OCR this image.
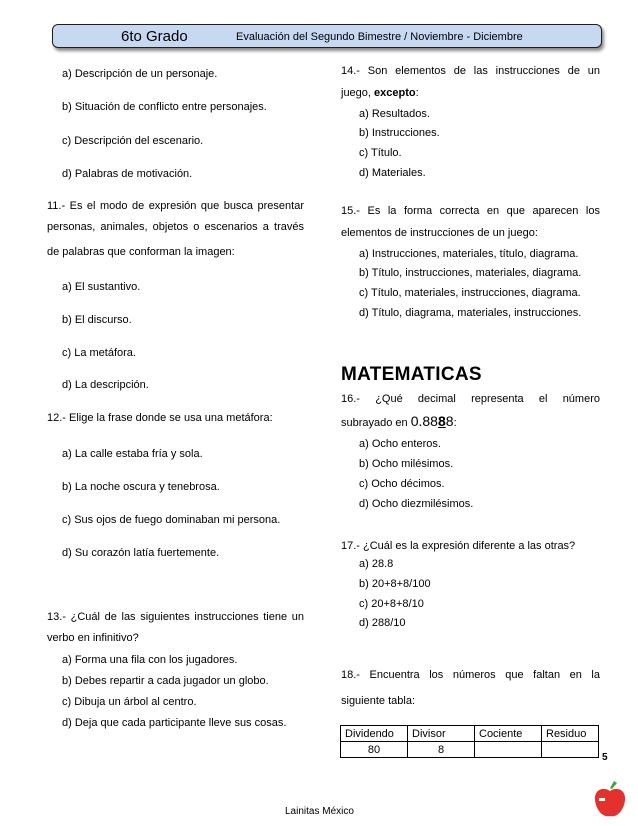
6to Grado	Evaluación del Segundo Bimestre / Noviembre - Diciembre
a) Descripción de un personaje.
b) Situación de conflicto entre personajes.
c) Descripción del escenario.
d) Palabras de motivación.
11.- Es el modo de expresión que busca presentar
personas, animales, objetos o escenarios a través
de palabras que conforman la imagen:
a) El sustantivo.
b) El discurso.
c) La metáfora.
d) La descripción.
12.- Elige la frase donde se usa una metáfora:
a) La calle estaba fría y sola.
b) La noche oscura y tenebrosa.
c) Sus ojos de fuego dominaban mi persona.
d) Su corazón latía fuertemente.
13.- ¿Cuál de las siguientes instrucciones tiene un
verbo en infinitivo?
a) Forma una fila con los jugadores.
b) Debes repartir a cada jugador un globo.
c) Dibuja un árbol al centro.
d) Deja que cada participante lleve sus cosas.
14.- Son elementos de las instrucciones de un
juego, excepto:
a) Resultados.
b) Instrucciones.
c) Título.
d) Materiales.
15.- Es la forma correcta en que aparecen los
elementos de instrucciones de un juego:
a) Instrucciones, materiales, título, diagrama.
b) Título, instrucciones, materiales, diagrama.
c) Título, materiales, instrucciones, diagrama.
d) Título, diagrama, materiales, instrucciones.
MATEMATICAS
16.- ¿Qué decimal representa el número
subrayado en 0.8888:
a) Ocho enteros.
b) Ocho milésimos.
c) Ocho décimos.
d) Ocho diezmilésimos.
17.- ¿Cuál es la expresión diferente a las otras?
a) 28.8
b) 20+8+8/100
c) 20+8+8/10
d) 288/10
18.- Encuentra los números que faltan en la
siguiente tabla:
Dividendo	Divisor	Cociente	Residuo
80	8		
5
Lainitas México
